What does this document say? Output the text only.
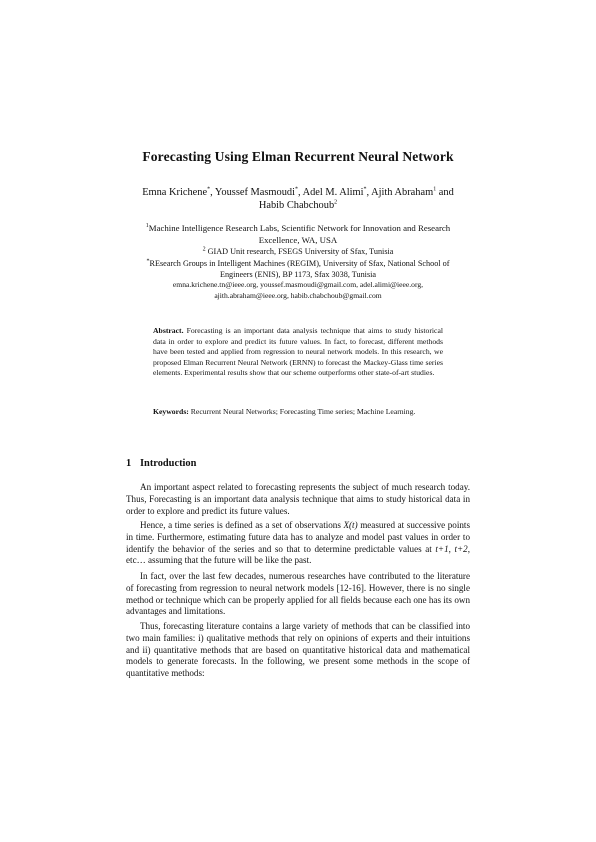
Forecasting Using Elman Recurrent Neural Network
Emna Krichene*, Youssef Masmoudi*, Adel M. Alimi*, Ajith Abraham$^1$ and Habib Chabchoub$^2$
$^1$Machine Intelligence Research Labs, Scientific Network for Innovation and Research Excellence, WA, USA
$^2$ GIAD Unit research, FSEGS University of Sfax, Tunisia
*REsearch Groups in Intelligent Machines (REGIM), University of Sfax, National School of Engineers (ENIS), BP 1173, Sfax 3038, Tunisia
emna.krichene.tn@ieee.org, youssef.masmoudi@gmail.com, adel.alimi@ieee.org,
ajith.abraham@ieee.org, habib.chabchoub@gmail.com
Abstract. Forecasting is an important data analysis technique that aims to study historical data in order to explore and predict its future values. In fact, to forecast, different methods have been tested and applied from regression to neural network models. In this research, we proposed Elman Recurrent Neural Network (ERNN) to forecast the Mackey-Glass time series elements. Experimental results show that our scheme outperforms other state-of-art studies.
Keywords: Recurrent Neural Networks; Forecasting Time series; Machine Learning.
1 Introduction

An important aspect related to forecasting represents the subject of much research today. Thus, Forecasting is an important data analysis technique that aims to study historical data in order to explore and predict its future values.

Hence, a time series is defined as a set of observations X(t) measured at successive points in time. Furthermore, estimating future data has to analyze and model past values in order to identify the behavior of the series and so that to determine predictable values at t+1, t+2, etc… assuming that the future will be like the past.

In fact, over the last few decades, numerous researches have contributed to the literature of forecasting from regression to neural network models [12-16]. However, there is no single method or technique which can be properly applied for all fields because each one has its own advantages and limitations.

Thus, forecasting literature contains a large variety of methods that can be classified into two main families: i) qualitative methods that rely on opinions of experts and their intuitions and ii) quantitative methods that are based on quantitative historical data and mathematical models to generate forecasts. In the following, we present some methods in the scope of quantitative methods:
